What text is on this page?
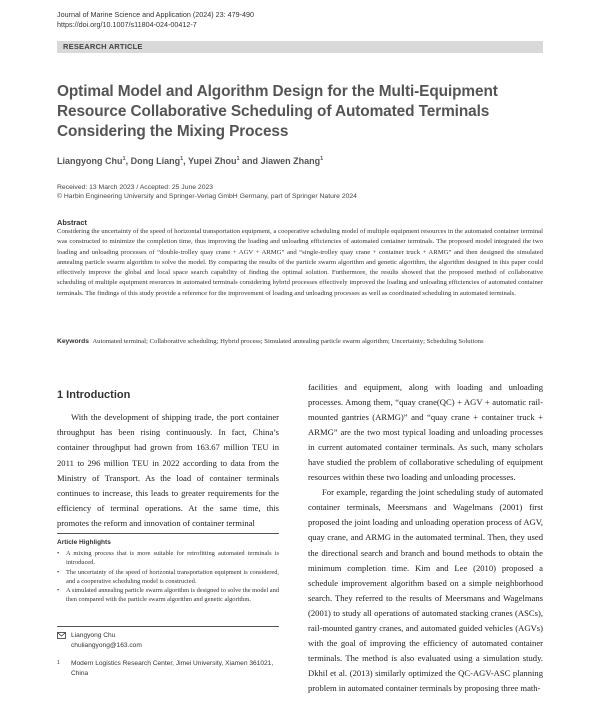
Journal of Marine Science and Application (2024) 23: 479-490
https://doi.org/10.1007/s11804-024-00412-7
RESEARCH ARTICLE
Optimal Model and Algorithm Design for the Multi-Equipment Resource Collaborative Scheduling of Automated Terminals Considering the Mixing Process
Liangyong Chu$^1$, Dong Liang$^1$, Yupei Zhou$^1$ and Jiawen Zhang$^1$
Received: 13 March 2023 / Accepted: 25 June 2023
© Harbin Engineering University and Springer-Verlag GmbH Germany, part of Springer Nature 2024
Abstract
Considering the uncertainty of the speed of horizontal transportation equipment, a cooperative scheduling model of multiple equipment resources in the automated container terminal was constructed to minimize the completion time, thus improving the loading and unloading efficiencies of automated container terminals. The proposed model integrated the two loading and unloading processes of “double-trolley quay crane + AGV + ARMG” and “single-trolley quay crane + container truck + ARMG” and then designed the simulated annealing particle swarm algorithm to solve the model. By comparing the results of the particle swarm algorithm and genetic algorithm, the algorithm designed in this paper could effectively improve the global and local space search capability of finding the optimal solution. Furthermore, the results showed that the proposed method of collaborative scheduling of multiple equipment resources in automated terminals considering hybrid processes effectively improved the loading and unloading efficiencies of automated container terminals. The findings of this study provide a reference for the improvement of loading and unloading processes as well as coordinated scheduling in automated terminals.
Keywords Automated terminal; Collaborative scheduling; Hybrid process; Simulated annealing particle swarm algorithm; Uncertainty; Scheduling Solutions
1 Introduction

With the development of shipping trade, the port container throughput has been rising continuously. In fact, China’s container throughput had grown from 163.67 million TEU in 2011 to 296 million TEU in 2022 according to data from the Ministry of Transport. As the load of container terminals continues to increase, this leads to greater requirements for the efficiency of terminal operations. At the same time, this promotes the reform and innovation of container terminal

facilities and equipment, along with loading and unloading processes. Among them, “quay crane(QC) + AGV + automatic rail-mounted gantries (ARMG)” and “quay crane + container truck + ARMG” are the two most typical loading and unloading processes in current automated container terminals. As such, many scholars have studied the problem of collaborative scheduling of equipment resources within these two loading and unloading processes.

For example, regarding the joint scheduling study of automated container terminals, Meersmans and Wagelmans (2001) first proposed the joint loading and unloading operation process of AGV, quay crane, and ARMG in the automated terminal. Then, they used the directional search and branch and bound methods to obtain the minimum completion time. Kim and Lee (2010) proposed a schedule improvement algorithm based on a simple neighborhood search. They referred to the results of Meersmans and Wagelmans (2001) to study all operations of automated stacking cranes (ASCs), rail-mounted gantry cranes, and automated guided vehicles (AGVs) with the goal of improving the efficiency of automated container terminals. The method is also evaluated using a simulation study. Dkhil et al. (2013) similarly optimized the QC-AGV-ASC planning problem in automated container terminals by proposing three math-

Article Highlights
• A mixing process that is more suitable for retrofitting automated terminals is introduced.
• The uncertainty of the speed of horizontal transportation equipment is considered, and a cooperative scheduling model is constructed.
• A simulated annealing particle swarm algorithm is designed to solve the model and then compared with the particle swarm algorithm and genetic algorithm.
Liangyong Chu
chuliangyong@163.com
1 Modern Logistics Research Center, Jimei University, Xiamen 361021, China
